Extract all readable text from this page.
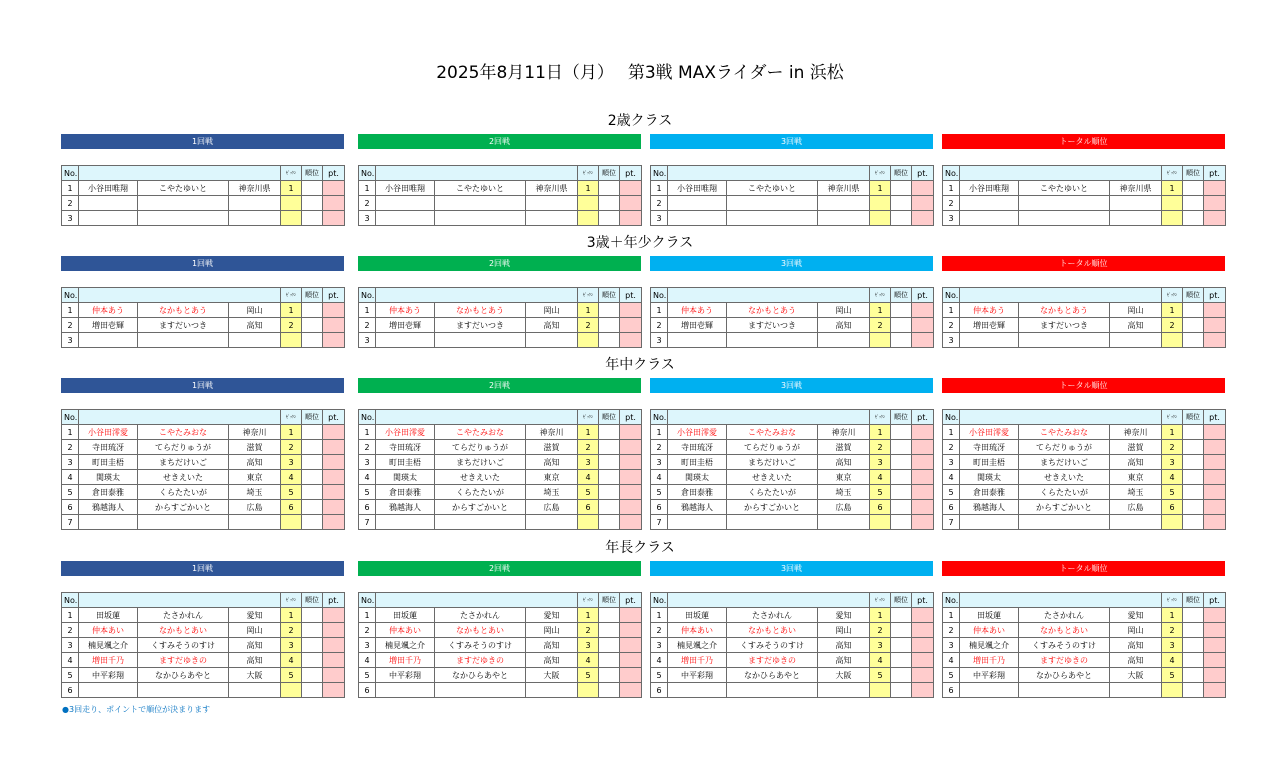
2025年8月11日（月）　 第3戦 MAXライダー in 浜松
2歳クラス
1回戦
No.				ｾﾞｯｹﾝ	順位	pt.
1	小谷田唯翔	こやたゆいと	神奈川県	1		
2						
3						
2回戦
No.				ｾﾞｯｹﾝ	順位	pt.
1	小谷田唯翔	こやたゆいと	神奈川県	1		
2						
3						
3回戦
No.				ｾﾞｯｹﾝ	順位	pt.
1	小谷田唯翔	こやたゆいと	神奈川県	1		
2						
3						
トータル順位
No.				ｾﾞｯｹﾝ	順位	pt.
1	小谷田唯翔	こやたゆいと	神奈川県	1		
2						
3						
3歳＋年少クラス
1回戦
No.				ｾﾞｯｹﾝ	順位	pt.
1	仲本あう	なかもとあう	岡山	1		
2	増田壱輝	ますだいつき	高知	2		
3						
2回戦
No.				ｾﾞｯｹﾝ	順位	pt.
1	仲本あう	なかもとあう	岡山	1		
2	増田壱輝	ますだいつき	高知	2		
3						
3回戦
No.				ｾﾞｯｹﾝ	順位	pt.
1	仲本あう	なかもとあう	岡山	1		
2	増田壱輝	ますだいつき	高知	2		
3						
トータル順位
No.				ｾﾞｯｹﾝ	順位	pt.
1	仲本あう	なかもとあう	岡山	1		
2	増田壱輝	ますだいつき	高知	2		
3						
年中クラス
1回戦
No.				ｾﾞｯｹﾝ	順位	pt.
1	小谷田澪愛	こやたみおな	神奈川	1		
2	寺田琉冴	てらだりゅうが	滋賀	2		
3	町田圭梧	まちだけいご	高知	3		
4	関瑛太	せきえいた	東京	4		
5	倉田泰雅	くらたたいが	埼玉	5		
6	鴉越海人	からすごかいと	広島	6		
7						
2回戦
No.				ｾﾞｯｹﾝ	順位	pt.
1	小谷田澪愛	こやたみおな	神奈川	1		
2	寺田琉冴	てらだりゅうが	滋賀	2		
3	町田圭梧	まちだけいご	高知	3		
4	関瑛太	せきえいた	東京	4		
5	倉田泰雅	くらたたいが	埼玉	5		
6	鴉越海人	からすごかいと	広島	6		
7						
3回戦
No.				ｾﾞｯｹﾝ	順位	pt.
1	小谷田澪愛	こやたみおな	神奈川	1		
2	寺田琉冴	てらだりゅうが	滋賀	2		
3	町田圭梧	まちだけいご	高知	3		
4	関瑛太	せきえいた	東京	4		
5	倉田泰雅	くらたたいが	埼玉	5		
6	鴉越海人	からすごかいと	広島	6		
7						
トータル順位
No.				ｾﾞｯｹﾝ	順位	pt.
1	小谷田澪愛	こやたみおな	神奈川	1		
2	寺田琉冴	てらだりゅうが	滋賀	2		
3	町田圭梧	まちだけいご	高知	3		
4	関瑛太	せきえいた	東京	4		
5	倉田泰雅	くらたたいが	埼玉	5		
6	鴉越海人	からすごかいと	広島	6		
7						
年長クラス
1回戦
No.				ｾﾞｯｹﾝ	順位	pt.
1	田坂蓮	たさかれん	愛知	1		
2	仲本あい	なかもとあい	岡山	2		
3	楠見颯之介	くすみそうのすけ	高知	3		
4	増田千乃	ますだゆきの	高知	4		
5	中平彩翔	なかひらあやと	大阪	5		
6						
2回戦
No.				ｾﾞｯｹﾝ	順位	pt.
1	田坂蓮	たさかれん	愛知	1		
2	仲本あい	なかもとあい	岡山	2		
3	楠見颯之介	くすみそうのすけ	高知	3		
4	増田千乃	ますだゆきの	高知	4		
5	中平彩翔	なかひらあやと	大阪	5		
6						
3回戦
No.				ｾﾞｯｹﾝ	順位	pt.
1	田坂蓮	たさかれん	愛知	1		
2	仲本あい	なかもとあい	岡山	2		
3	楠見颯之介	くすみそうのすけ	高知	3		
4	増田千乃	ますだゆきの	高知	4		
5	中平彩翔	なかひらあやと	大阪	5		
6						
トータル順位
No.				ｾﾞｯｹﾝ	順位	pt.
1	田坂蓮	たさかれん	愛知	1		
2	仲本あい	なかもとあい	岡山	2		
3	楠見颯之介	くすみそうのすけ	高知	3		
4	増田千乃	ますだゆきの	高知	4		
5	中平彩翔	なかひらあやと	大阪	5		
6						
●3回走り、ポイントで順位が決まります
